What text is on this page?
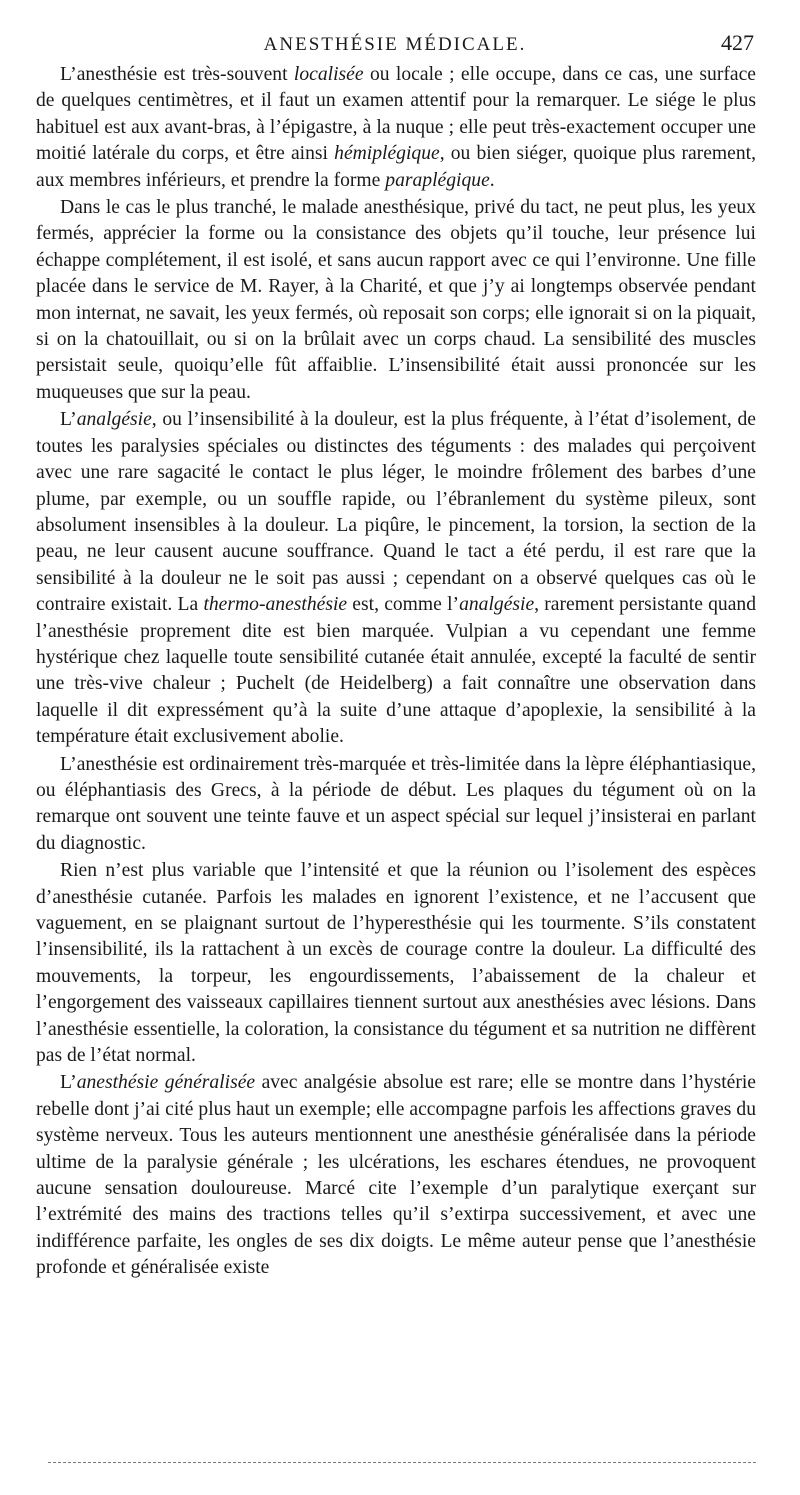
ANESTHÉSIE MÉDICALE.	427

L’anesthésie est très-souvent localisée ou locale ; elle occupe, dans ce cas, une surface de quelques centimètres, et il faut un examen attentif pour la remarquer. Le siége le plus habituel est aux avant-bras, à l’épigastre, à la nuque ; elle peut très-exactement occuper une moitié latérale du corps, et être ainsi hémiplégique, ou bien siéger, quoique plus rarement, aux membres inférieurs, et prendre la forme paraplégique.

Dans le cas le plus tranché, le malade anesthésique, privé du tact, ne peut plus, les yeux fermés, apprécier la forme ou la consistance des objets qu’il touche, leur présence lui échappe complétement, il est isolé, et sans aucun rapport avec ce qui l’environne. Une fille placée dans le service de M. Rayer, à la Charité, et que j’y ai longtemps observée pendant mon internat, ne savait, les yeux fermés, où reposait son corps; elle ignorait si on la piquait, si on la chatouillait, ou si on la brûlait avec un corps chaud. La sensibilité des muscles persistait seule, quoiqu’elle fût affaiblie. L’insensibilité était aussi prononcée sur les muqueuses que sur la peau.

L’analgésie, ou l’insensibilité à la douleur, est la plus fréquente, à l’état d’isolement, de toutes les paralysies spéciales ou distinctes des téguments : des malades qui perçoivent avec une rare sagacité le contact le plus léger, le moindre frôlement des barbes d’une plume, par exemple, ou un souffle rapide, ou l’ébranlement du système pileux, sont absolument insensibles à la douleur. La piqûre, le pincement, la torsion, la section de la peau, ne leur causent aucune souffrance. Quand le tact a été perdu, il est rare que la sensibilité à la douleur ne le soit pas aussi ; cependant on a observé quelques cas où le contraire existait. La thermo-anesthésie est, comme l’analgésie, rarement persistante quand l’anesthésie proprement dite est bien marquée. Vulpian a vu cependant une femme hystérique chez laquelle toute sensibilité cutanée était annulée, excepté la faculté de sentir une très-vive chaleur ; Puchelt (de Heidelberg) a fait connaître une observation dans laquelle il dit expressément qu’à la suite d’une attaque d’apoplexie, la sensibilité à la température était exclusivement abolie.

L’anesthésie est ordinairement très-marquée et très-limitée dans la lèpre éléphantiasique, ou éléphantiasis des Grecs, à la période de début. Les plaques du tégument où on la remarque ont souvent une teinte fauve et un aspect spécial sur lequel j’insisterai en parlant du diagnostic.

Rien n’est plus variable que l’intensité et que la réunion ou l’isolement des espèces d’anesthésie cutanée. Parfois les malades en ignorent l’existence, et ne l’accusent que vaguement, en se plaignant surtout de l’hyperesthésie qui les tourmente. S’ils constatent l’insensibilité, ils la rattachent à un excès de courage contre la douleur. La difficulté des mouvements, la torpeur, les engourdissements, l’abaissement de la chaleur et l’engorgement des vaisseaux capillaires tiennent surtout aux anesthésies avec lésions. Dans l’anesthésie essentielle, la coloration, la consistance du tégument et sa nutrition ne diffèrent pas de l’état normal.

L’anesthésie généralisée avec analgésie absolue est rare; elle se montre dans l’hystérie rebelle dont j’ai cité plus haut un exemple; elle accompagne parfois les affections graves du système nerveux. Tous les auteurs mentionnent une anesthésie généralisée dans la période ultime de la paralysie générale ; les ulcérations, les eschares étendues, ne provoquent aucune sensation douloureuse. Marcé cite l’exemple d’un paralytique exerçant sur l’extrémité des mains des tractions telles qu’il s’extirpa successivement, et avec une indifférence parfaite, les ongles de ses dix doigts. Le même auteur pense que l’anesthésie profonde et généralisée existe
